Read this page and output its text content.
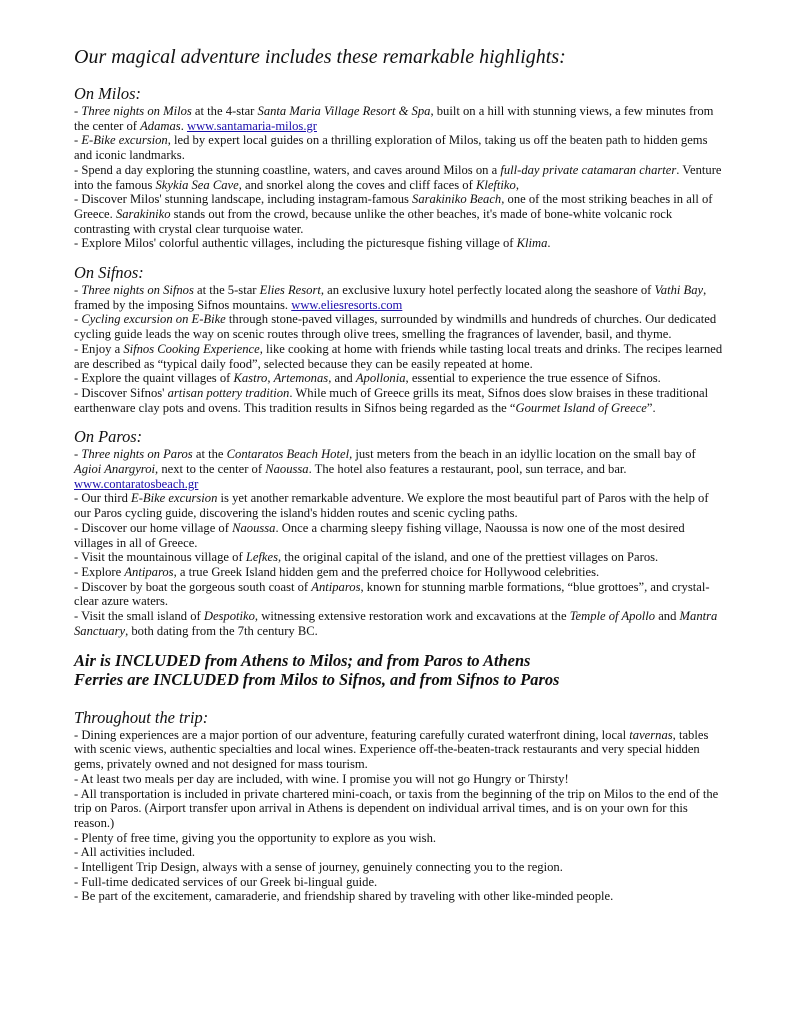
Our magical adventure includes these remarkable highlights:
On Milos:

- Three nights on Milos at the 4-star Santa Maria Village Resort & Spa, built on a hill with stunning views, a few minutes from the center of Adamas. www.santamaria-milos.gr

- E-Bike excursion, led by expert local guides on a thrilling exploration of Milos, taking us off the beaten path to hidden gems and iconic landmarks.

- Spend a day exploring the stunning coastline, waters, and caves around Milos on a full-day private catamaran charter. Venture into the famous Skykia Sea Cave, and snorkel along the coves and cliff faces of Kleftiko,

- Discover Milos' stunning landscape, including instagram-famous Sarakiniko Beach, one of the most striking beaches in all of Greece. Sarakiniko stands out from the crowd, because unlike the other beaches, it's made of bone-white volcanic rock contrasting with crystal clear turquoise water.

- Explore Milos' colorful authentic villages, including the picturesque fishing village of Klima.

On Sifnos:

- Three nights on Sifnos at the 5-star Elies Resort, an exclusive luxury hotel perfectly located along the seashore of Vathi Bay, framed by the imposing Sifnos mountains. www.eliesresorts.com

- Cycling excursion on E-Bike through stone-paved villages, surrounded by windmills and hundreds of churches. Our dedicated cycling guide leads the way on scenic routes through olive trees, smelling the fragrances of lavender, basil, and thyme.

- Enjoy a Sifnos Cooking Experience, like cooking at home with friends while tasting local treats and drinks. The recipes learned are described as “typical daily food”, selected because they can be easily repeated at home.

- Explore the quaint villages of Kastro, Artemonas, and Apollonia, essential to experience the true essence of Sifnos.

- Discover Sifnos' artisan pottery tradition. While much of Greece grills its meat, Sifnos does slow braises in these traditional earthenware clay pots and ovens. This tradition results in Sifnos being regarded as the “Gourmet Island of Greece”.

On Paros:

- Three nights on Paros at the Contaratos Beach Hotel, just meters from the beach in an idyllic location on the small bay of Agioi Anargyroi, next to the center of Naoussa. The hotel also features a restaurant, pool, sun terrace, and bar. www.contaratosbeach.gr

- Our third E-Bike excursion is yet another remarkable adventure. We explore the most beautiful part of Paros with the help of our Paros cycling guide, discovering the island's hidden routes and scenic cycling paths.

- Discover our home village of Naoussa. Once a charming sleepy fishing village, Naoussa is now one of the most desired villages in all of Greece.

- Visit the mountainous village of Lefkes, the original capital of the island, and one of the prettiest villages on Paros.

- Explore Antiparos, a true Greek Island hidden gem and the preferred choice for Hollywood celebrities.

- Discover by boat the gorgeous south coast of Antiparos, known for stunning marble formations, “blue grottoes”, and crystal-clear azure waters.

- Visit the small island of Despotiko, witnessing extensive restoration work and excavations at the Temple of Apollo and Mantra Sanctuary, both dating from the 7th century BC.

Air is INCLUDED from Athens to Milos; and from Paros to Athens

Ferries are INCLUDED from Milos to Sifnos, and from Sifnos to Paros

Throughout the trip:

- Dining experiences are a major portion of our adventure, featuring carefully curated waterfront dining, local tavernas, tables with scenic views, authentic specialties and local wines. Experience off-the-beaten-track restaurants and very special hidden gems, privately owned and not designed for mass tourism.

- At least two meals per day are included, with wine. I promise you will not go Hungry or Thirsty!

- All transportation is included in private chartered mini-coach, or taxis from the beginning of the trip on Milos to the end of the trip on Paros. (Airport transfer upon arrival in Athens is dependent on individual arrival times, and is on your own for this reason.)

- Plenty of free time, giving you the opportunity to explore as you wish.

- All activities included.

- Intelligent Trip Design, always with a sense of journey, genuinely connecting you to the region.

- Full-time dedicated services of our Greek bi-lingual guide.

- Be part of the excitement, camaraderie, and friendship shared by traveling with other like-minded people.
